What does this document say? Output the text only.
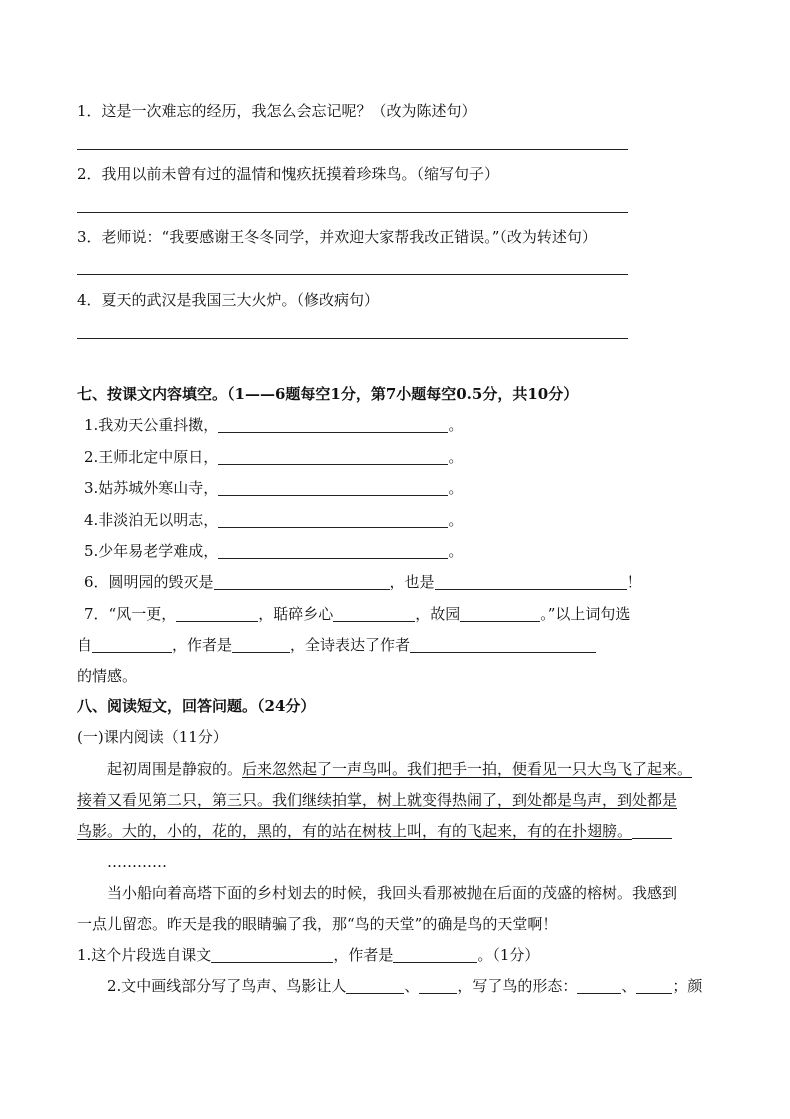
1．这是一次难忘的经历，我怎么会忘记呢？（改为陈述句）
2．我用以前未曾有过的温情和愧疚抚摸着珍珠鸟。（缩写句子）
3．老师说：“我要感谢王冬冬同学，并欢迎大家帮我改正错误。”（改为转述句）
4．夏天的武汉是我国三大火炉。（修改病句）
七、按课文内容填空。（1——6题每空1分，第7小题每空0.5分，共10分）
1.我劝天公重抖擞，	。
2.王师北定中原日，	。
3.姑苏城外寒山寺，	。
4.非淡泊无以明志，	。
5.少年易老学难成，	。
6．圆明园的毁灭是	，也是	！
7．“风一更，	，聒碎乡心	，故园	。”以上词句选
自	，作者是	，全诗表达了作者
的情感。
八、阅读短文，回答问题。（24分）
(一)课内阅读（11分）
起初周围是静寂的。后来忽然起了一声鸟叫。我们把手一拍，便看见一只大鸟飞了起来。
接着又看见第二只，第三只。我们继续拍掌，树上就变得热闹了，到处都是鸟声，到处都是
鸟影。大的，小的，花的，黑的，有的站在树枝上叫，有的飞起来，有的在扑翅膀。
…………
当小船向着高塔下面的乡村划去的时候，我回头看那被抛在后面的茂盛的榕树。我感到
一点儿留恋。昨天是我的眼睛骗了我，那“鸟的天堂”的确是鸟的天堂啊！
1.这个片段选自课文	，作者是	。（1分）
2.文中画线部分写了鸟声、鸟影让人	、	，写了鸟的形态：	、 ；颜
